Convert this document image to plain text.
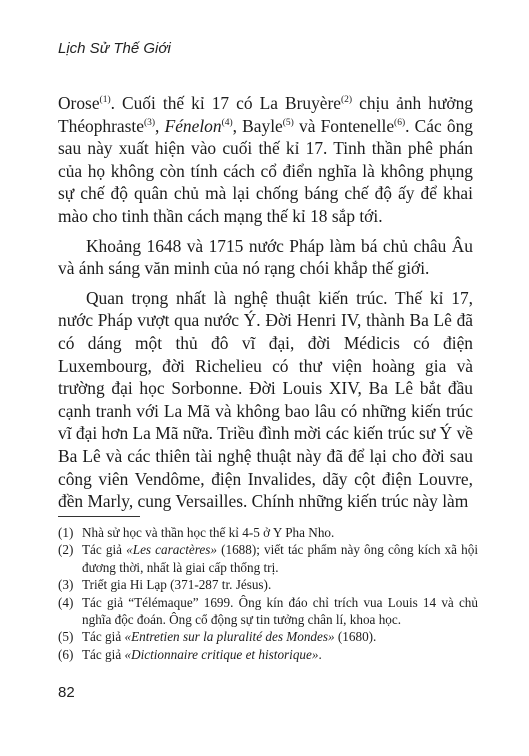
Lịch Sử Thế Giới

Orose$^{(1)}$. Cuối thế kỉ 17 có La Bruyère$^{(2)}$ chịu ảnh hưởng Théophraste$^{(3)}$, Fénelon$^{(4)}$, Bayle$^{(5)}$ và Fontenelle$^{(6)}$. Các ông sau này xuất hiện vào cuối thế kỉ 17. Tinh thần phê phán của họ không còn tính cách cổ điển nghĩa là không phụng sự chế độ quân chủ mà lại chống báng chế độ ấy để khai mào cho tinh thần cách mạng thế kỉ 18 sắp tới.

Khoảng 1648 và 1715 nước Pháp làm bá chủ châu Âu và ánh sáng văn minh của nó rạng chói khắp thế giới.

Quan trọng nhất là nghệ thuật kiến trúc. Thế kỉ 17, nước Pháp vượt qua nước Ý. Đời Henri IV, thành Ba Lê đã có dáng một thủ đô vĩ đại, đời Médicis có điện Luxembourg, đời Richelieu có thư viện hoàng gia và trường đại học Sorbonne. Đời Louis XIV, Ba Lê bắt đầu cạnh tranh với La Mã và không bao lâu có những kiến trúc vĩ đại hơn La Mã nữa. Triều đình mời các kiến trúc sư Ý về Ba Lê và các thiên tài nghệ thuật này đã để lại cho đời sau công viên Vendôme, điện Invalides, dãy cột điện Louvre, đền Marly, cung Versailles. Chính những kiến trúc này làm

(1) Nhà sử học và thần học thế kỉ 4-5 ở Y Pha Nho.
(2) Tác giả «Les caractères» (1688); viết tác phẩm này ông công kích xã hội đương thời, nhất là giai cấp thống trị.
(3) Triết gia Hi Lạp (371-287 tr. Jésus).
(4) Tác giả “Télémaque” 1699. Ông kín đáo chỉ trích vua Louis 14 và chủ nghĩa độc đoán. Ông cổ động sự tin tưởng chân lí, khoa học.
(5) Tác giả «Entretien sur la pluralité des Mondes» (1680).
(6) Tác giả «Dictionnaire critique et historique».
82
